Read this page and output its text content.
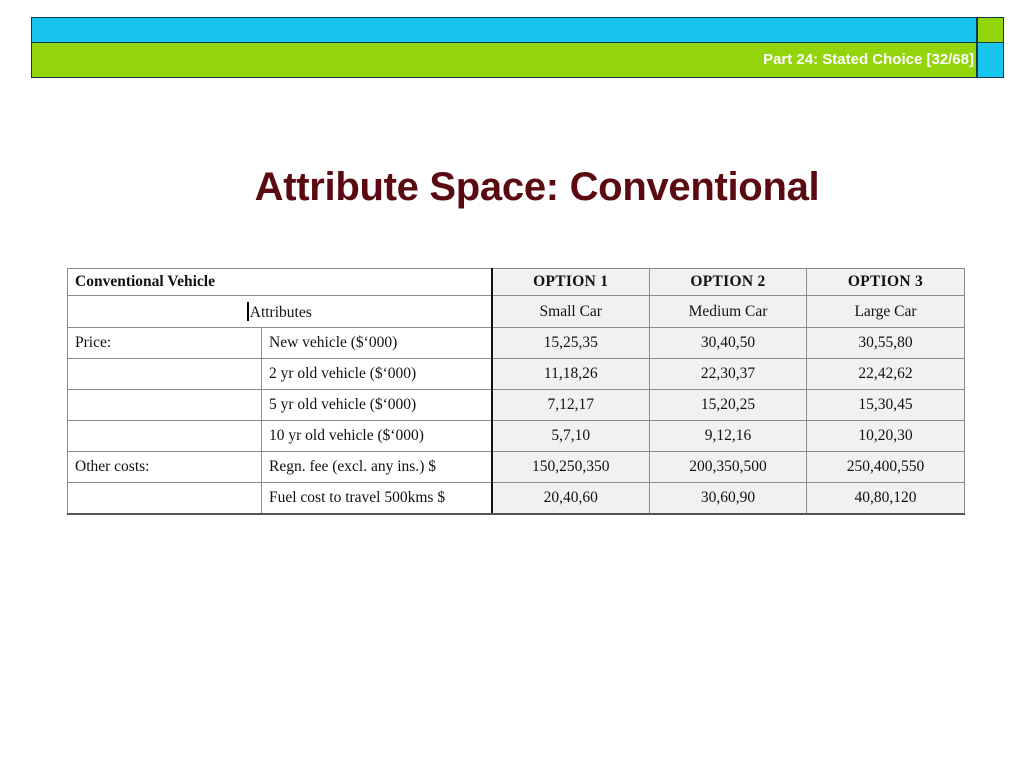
Part 24: Stated Choice [32/68]
Attribute Space: Conventional
Conventional Vehicle		OPTION 1	OPTION 2	OPTION 3
Attributes		Small Car	Medium Car	Large Car
Price:	New vehicle ($‘000)	15,25,35	30,40,50	30,55,80
	2 yr old vehicle ($‘000)	11,18,26	22,30,37	22,42,62
	5 yr old vehicle ($‘000)	7,12,17	15,20,25	15,30,45
	10 yr old vehicle ($‘000)	5,7,10	9,12,16	10,20,30
Other costs:	Regn. fee (excl. any ins.) $	150,250,350	200,350,500	250,400,550
	Fuel cost to travel 500kms $	20,40,60	30,60,90	40,80,120
